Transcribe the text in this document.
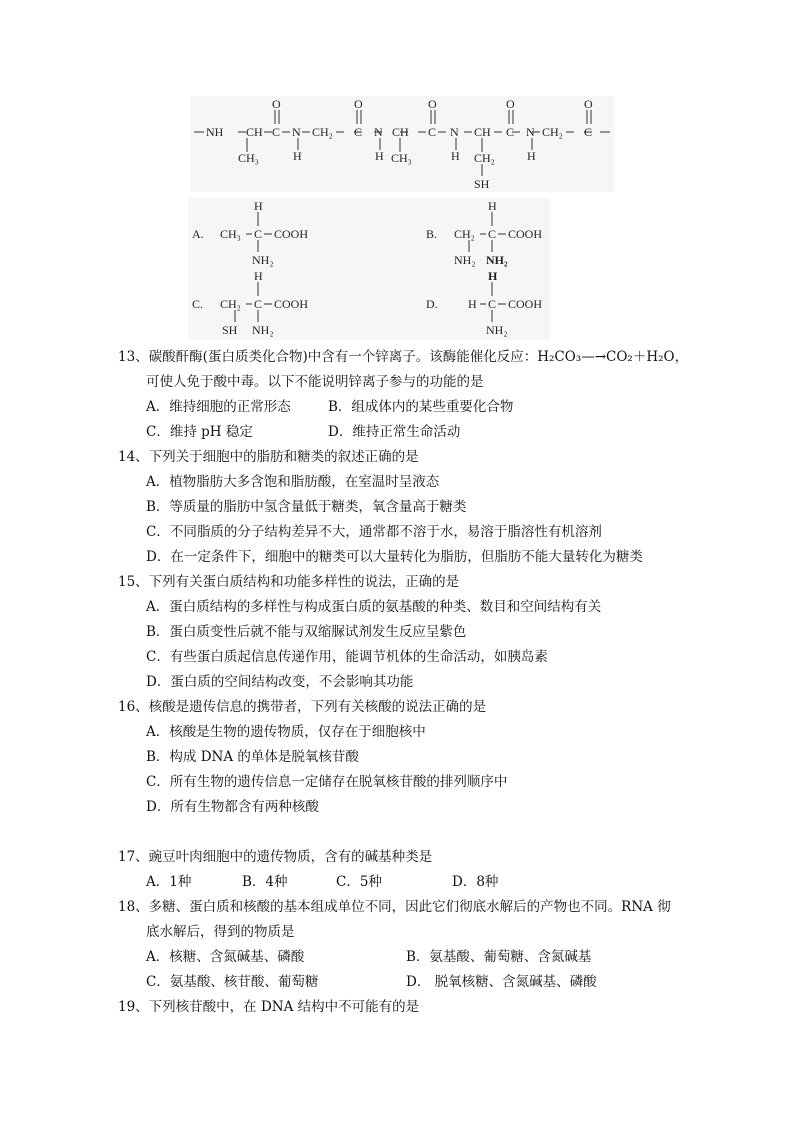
NH CH C
O
N
H
CH₃
CH₂ C
O
N
H
CH
CH₃
C
O
N
H
CH
CH₂
SH
C
O
N
H
CH₂ C
O
A. CH₃ C COOH
H
NH₂
B. CH₂ C COOH
H
NH₂ NH₂
C. CH₂ C COOH
H
SH NH₂
D.	H C COOH
H
NH₂
13、碳酸酐酶(蛋白质类化合物)中含有一个锌离子。该酶能催化反应：H₂CO₃—→CO₂＋H₂O，
可使人免于酸中毒。以下不能说明锌离子参与的功能的是
A．维持细胞的正常形态	B．组成体内的某些重要化合物
C．维持 pH 稳定	D．维持正常生命活动
14、下列关于细胞中的脂肪和糖类的叙述正确的是
A．植物脂肪大多含饱和脂肪酸，在室温时呈液态
B．等质量的脂肪中氢含量低于糖类，氧含量高于糖类
C．不同脂质的分子结构差异不大，通常都不溶于水，易溶于脂溶性有机溶剂
D．在一定条件下，细胞中的糖类可以大量转化为脂肪，但脂肪不能大量转化为糖类
15、下列有关蛋白质结构和功能多样性的说法，正确的是
A．蛋白质结构的多样性与构成蛋白质的氨基酸的种类、数目和空间结构有关
B．蛋白质变性后就不能与双缩脲试剂发生反应呈紫色
C．有些蛋白质起信息传递作用，能调节机体的生命活动，如胰岛素
D．蛋白质的空间结构改变，不会影响其功能
16、核酸是遗传信息的携带者，下列有关核酸的说法正确的是
A．核酸是生物的遗传物质，仅存在于细胞核中
B．构成 DNA 的单体是脱氧核苷酸
C．所有生物的遗传信息一定储存在脱氧核苷酸的排列顺序中
D．所有生物都含有两种核酸
17、豌豆叶肉细胞中的遗传物质，含有的碱基种类是
A．1种	B．4种	C．5种	D．8种
18、多糖、蛋白质和核酸的基本组成单位不同，因此它们彻底水解后的产物也不同。RNA 彻
底水解后，得到的物质是
A．核糖、含氮碱基、磷酸	B．氨基酸、葡萄糖、含氮碱基
C．氨基酸、核苷酸、葡萄糖	D． 脱氧核糖、含氮碱基、磷酸
19、下列核苷酸中，在 DNA 结构中不可能有的是
